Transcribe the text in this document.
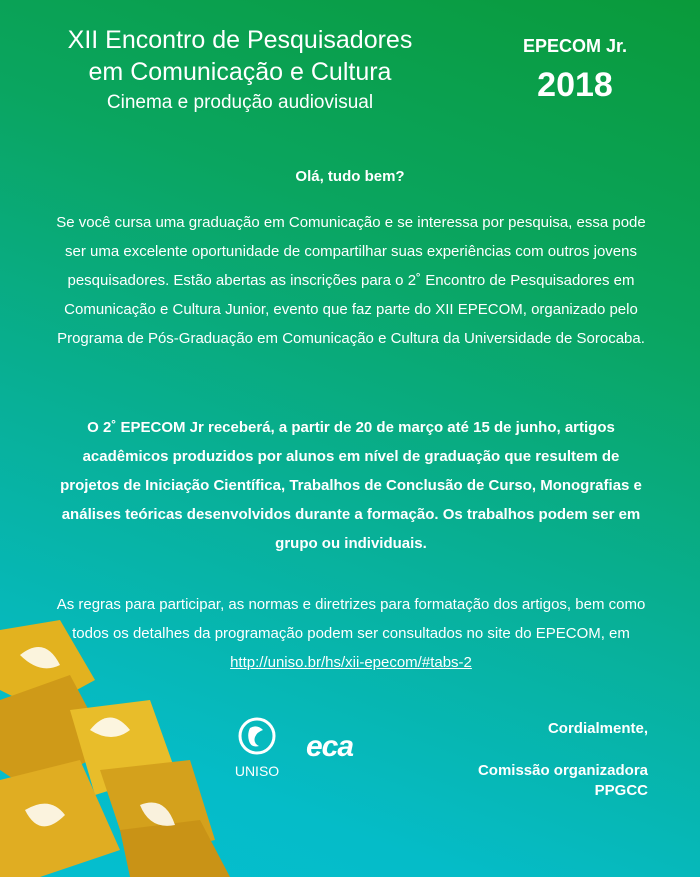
XII Encontro de Pesquisadores
em Comunicação e Cultura
Cinema e produção audiovisual
EPECOM Jr.
2018
Olá, tudo bem?
Se você cursa uma graduação em Comunicação e se interessa por pesquisa, essa pode ser uma excelente oportunidade de compartilhar suas experiências com outros jovens pesquisadores. Estão abertas as inscrições para o 2˚ Encontro de Pesquisadores em Comunicação e Cultura Junior, evento que faz parte do XII EPECOM, organizado pelo Programa de Pós-Graduação em Comunicação e Cultura da Universidade de Sorocaba.
O 2˚ EPECOM Jr receberá, a partir de 20 de março até 15 de junho, artigos acadêmicos produzidos por alunos em nível de graduação que resultem de projetos de Iniciação Científica, Trabalhos de Conclusão de Curso, Monografias e análises teóricas desenvolvidos durante a formação. Os trabalhos podem ser em grupo ou individuais.
As regras para participar, as normas e diretrizes para formatação dos artigos, bem como todos os detalhes da programação podem ser consultados no site do EPECOM, em http://uniso.br/hs/xii-epecom/#tabs-2
UNISO
eca
Cordialmente,
Comissão organizadora
PPGCC
